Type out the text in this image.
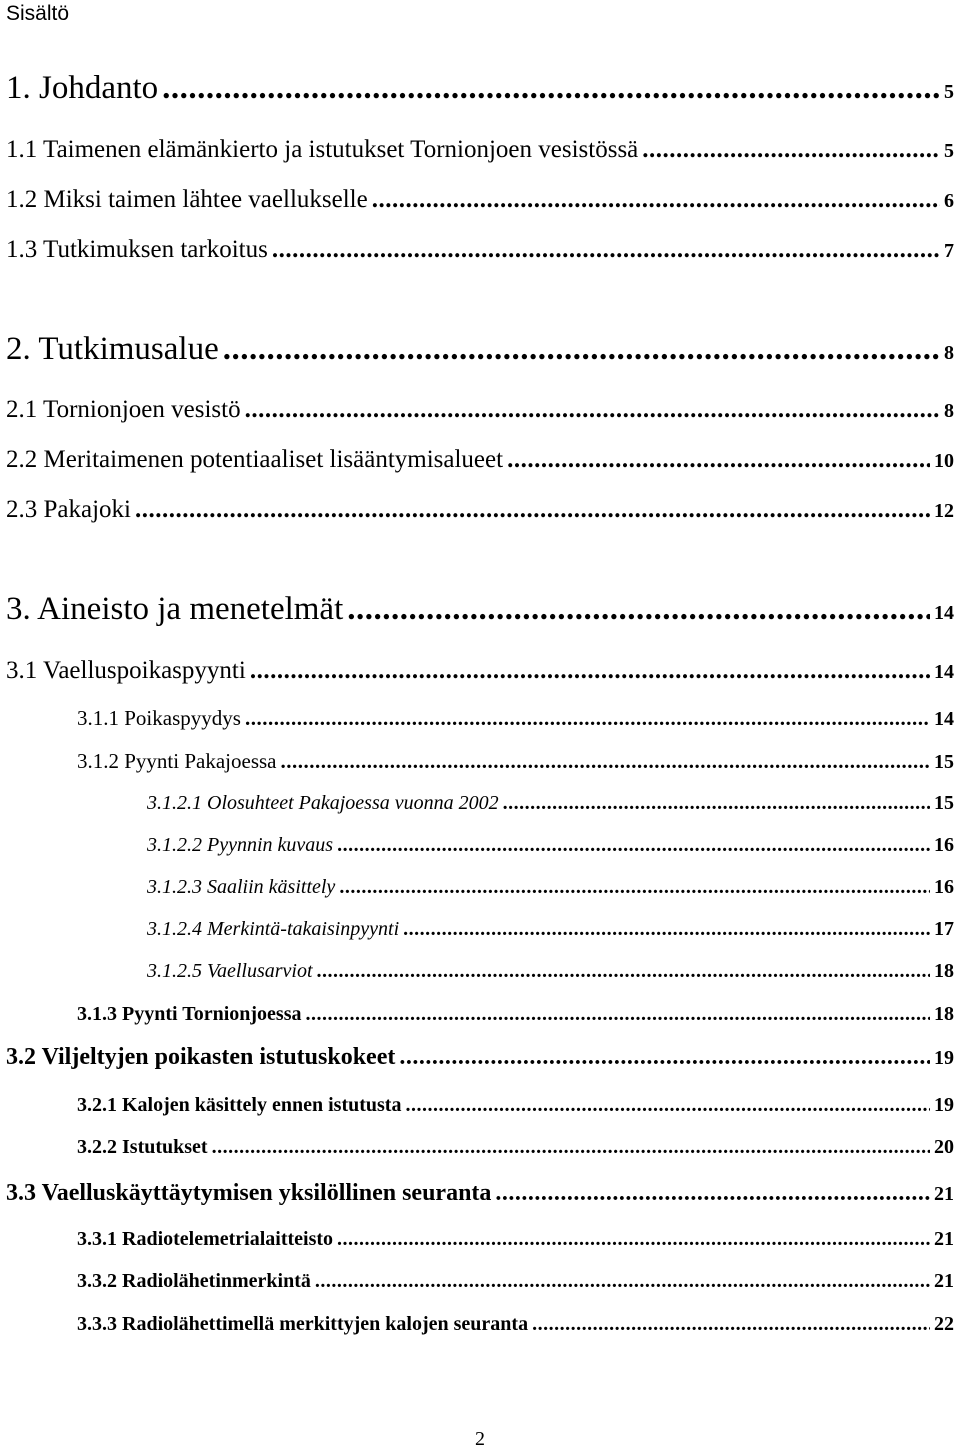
Sisältö
1. Johdanto .....	5
1.1 Taimenen elämänkierto ja istutukset Tornionjoen vesistössä .....	5
1.2 Miksi taimen lähtee vaellukselle .....	6
1.3 Tutkimuksen tarkoitus .....	7
2. Tutkimusalue .....	8
2.1 Tornionjoen vesistö .....	8
2.2 Meritaimenen potentiaaliset lisääntymisalueet .....	10
2.3 Pakajoki .....	12
3. Aineisto ja menetelmät .....	14
3.1 Vaelluspoikaspyynti .....	14
3.1.1 Poikaspyydys .....	14
3.1.2 Pyynti Pakajoessa .....	15
3.1.2.1 Olosuhteet Pakajoessa vuonna 2002 .....	15
3.1.2.2 Pyynnin kuvaus .....	16
3.1.2.3 Saaliin käsittely .....	16
3.1.2.4 Merkintä-takaisinpyynti .....	17
3.1.2.5 Vaellusarviot .....	18
3.1.3 Pyynti Tornionjoessa .....	18
3.2 Viljeltyjen poikasten istutuskokeet .....	19
3.2.1 Kalojen käsittely ennen istutusta .....	19
3.2.2 Istutukset .....	20
3.3 Vaelluskäyttäytymisen yksilöllinen seuranta .....	21
3.3.1 Radiotelemetrialaitteisto .....	21
3.3.2 Radiolähetinmerkintä .....	21
3.3.3 Radiolähettimellä merkittyjen kalojen seuranta .....	22
2
